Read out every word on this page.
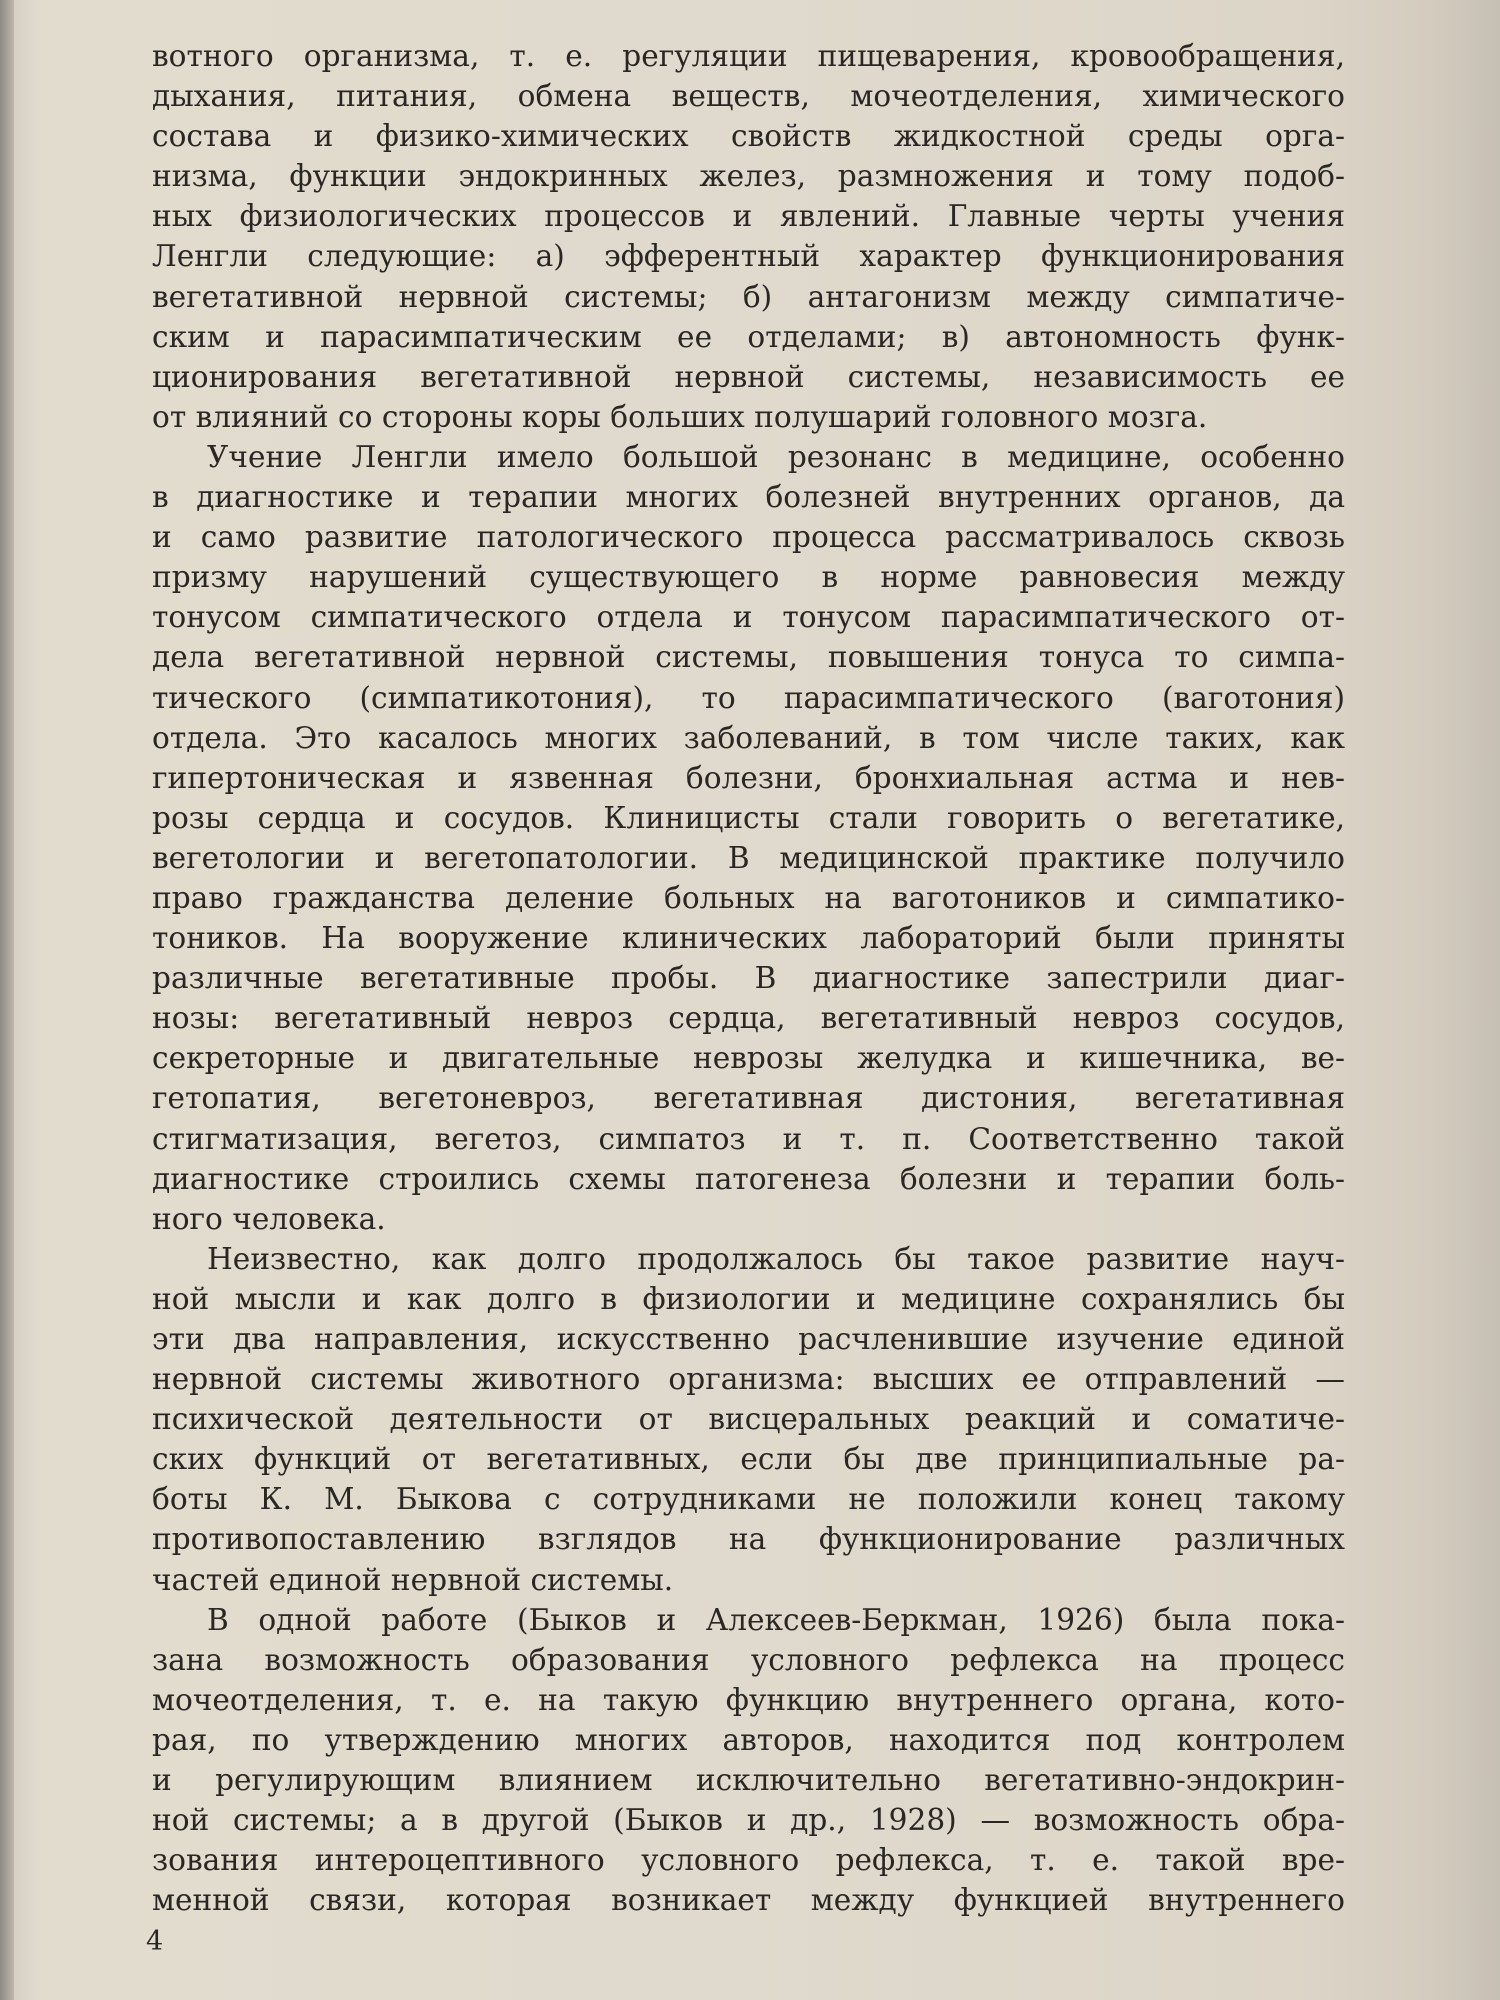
вотного организма, т. е. регуляции пищеварения, кровообращения,
дыхания, питания, обмена веществ, мочеотделения, химического
состава и физико-химических свойств жидкостной среды орга-
низма, функции эндокринных желез, размножения и тому подоб-
ных физиологических процессов и явлений. Главные черты учения
Ленгли следующие: а) эфферентный характер функционирования
вегетативной нервной системы; б) антагонизм между симпатиче-
ским и парасимпатическим ее отделами; в) автономность функ-
ционирования вегетативной нервной системы, независимость ее
от влияний со стороны коры больших полушарий головного мозга.
Учение Ленгли имело большой резонанс в медицине, особенно
в диагностике и терапии многих болезней внутренних органов, да
и само развитие патологического процесса рассматривалось сквозь
призму нарушений существующего в норме равновесия между
тонусом симпатического отдела и тонусом парасимпатического от-
дела вегетативной нервной системы, повышения тонуса то симпа-
тического (симпатикотония), то парасимпатического (ваготония)
отдела. Это касалось многих заболеваний, в том числе таких, как
гипертоническая и язвенная болезни, бронхиальная астма и нев-
розы сердца и сосудов. Клиницисты стали говорить о вегетатике,
вегетологии и вегетопатологии. В медицинской практике получило
право гражданства деление больных на ваготоников и симпатико-
тоников. На вооружение клинических лабораторий были приняты
различные вегетативные пробы. В диагностике запестрили диаг-
нозы: вегетативный невроз сердца, вегетативный невроз сосудов,
секреторные и двигательные неврозы желудка и кишечника, ве-
гетопатия, вегетоневроз, вегетативная дистония, вегетативная
стигматизация, вегетоз, симпатоз и т. п. Соответственно такой
диагностике строились схемы патогенеза болезни и терапии боль-
ного человека.
Неизвестно, как долго продолжалось бы такое развитие науч-
ной мысли и как долго в физиологии и медицине сохранялись бы
эти два направления, искусственно расчленившие изучение единой
нервной системы животного организма: высших ее отправлений —
психической деятельности от висцеральных реакций и соматиче-
ских функций от вегетативных, если бы две принципиальные ра-
боты К. М. Быкова с сотрудниками не положили конец такому
противопоставлению взглядов на функционирование различных
частей единой нервной системы.
В одной работе (Быков и Алексеев-Беркман, 1926) была пока-
зана возможность образования условного рефлекса на процесс
мочеотделения, т. е. на такую функцию внутреннего органа, кото-
рая, по утверждению многих авторов, находится под контролем
и регулирующим влиянием исключительно вегетативно-эндокрин-
ной системы; а в другой (Быков и др., 1928) — возможность обра-
зования интероцептивного условного рефлекса, т. е. такой вре-
менной связи, которая возникает между функцией внутреннего
4
